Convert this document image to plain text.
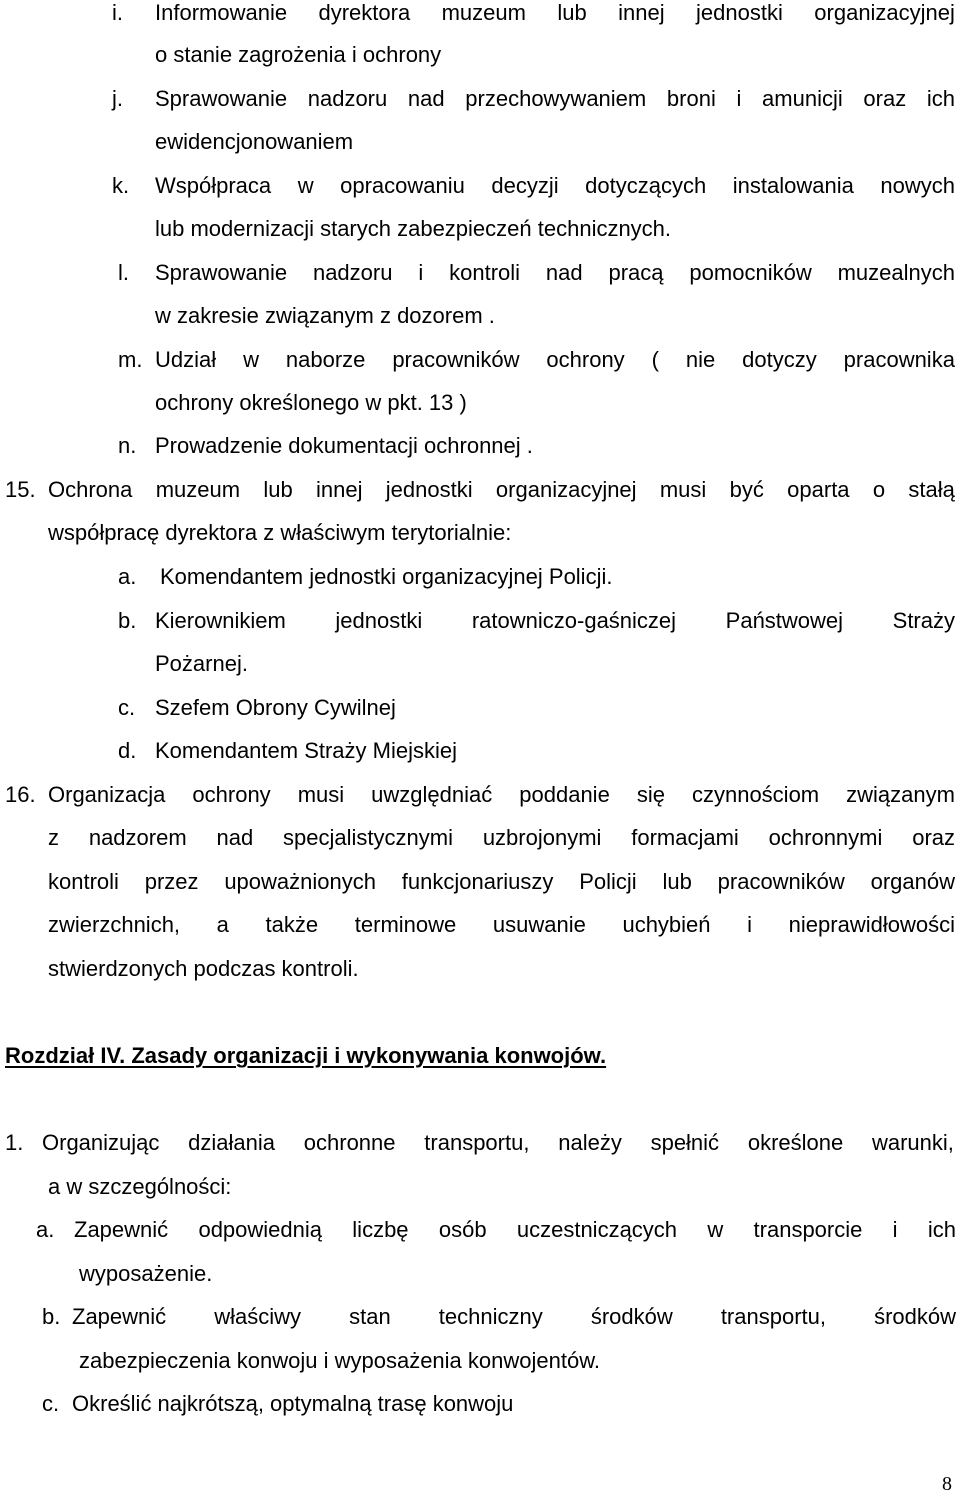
i. Informowanie dyrektora muzeum lub innej jednostki organizacyjnej
o stanie zagrożenia i ochrony
j. Sprawowanie nadzoru nad przechowywaniem broni i amunicji oraz ich
ewidencjonowaniem
k. Współpraca w opracowaniu decyzji dotyczących instalowania nowych
lub modernizacji starych zabezpieczeń technicznych.
l. Sprawowanie nadzoru i kontroli nad pracą pomocników muzealnych
w zakresie związanym z dozorem .
m. Udział w naborze pracowników ochrony ( nie dotyczy pracownika
ochrony określonego w pkt. 13 )
n. Prowadzenie dokumentacji ochronnej .
15. Ochrona muzeum lub innej jednostki organizacyjnej musi być oparta o stałą
współpracę dyrektora z właściwym terytorialnie:
a. Komendantem jednostki organizacyjnej Policji.
b. Kierownikiem jednostki ratowniczo-gaśniczej Państwowej Straży
Pożarnej.
c. Szefem Obrony Cywilnej
d. Komendantem Straży Miejskiej
16. Organizacja ochrony musi uwzględniać poddanie się czynnościom związanym
z nadzorem nad specjalistycznymi uzbrojonymi formacjami ochronnymi oraz
kontroli przez upoważnionych funkcjonariuszy Policji lub pracowników organów
zwierzchnich, a także terminowe usuwanie uchybień i nieprawidłowości
stwierdzonych podczas kontroli.
Rozdział IV. Zasady organizacji i wykonywania konwojów.
1. Organizując działania ochronne transportu, należy spełnić określone warunki,
a w szczególności:
a. Zapewnić odpowiednią liczbę osób uczestniczących w transporcie i ich
wyposażenie.
b. Zapewnić właściwy stan techniczny środków transportu, środków
zabezpieczenia konwoju i wyposażenia konwojentów.
c. Określić najkrótszą, optymalną trasę konwoju
8
